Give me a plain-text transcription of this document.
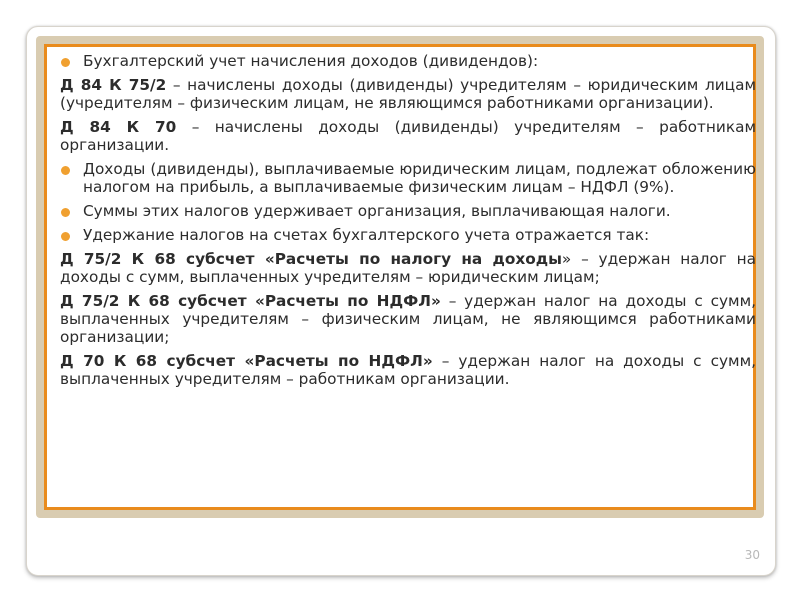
Бухгалтерский учет начисления доходов (дивидендов):
Д 84 К 75/2 – начислены доходы (дивиденды) учредителям – юридическим лицам (учредителям – физическим лицам, не являющимся работниками организации).
Д 84 К 70 – начислены доходы (дивиденды) учредителям – работникам организации.
Доходы (дивиденды), выплачиваемые юридическим лицам, подлежат обложению налогом на прибыль, а выплачиваемые физическим лицам – НДФЛ (9%).
Суммы этих налогов удерживает организация, выплачивающая налоги.
Удержание налогов на счетах бухгалтерского учета отражается так:
Д 75/2 К 68 субсчет «Расчеты по налогу на доходы» – удержан налог на доходы с сумм, выплаченных учредителям – юридическим лицам;
Д 75/2 К 68 субсчет «Расчеты по НДФЛ» – удержан налог на доходы с сумм, выплаченных учредителям – физическим лицам, не являющимся работниками организации;
Д 70 К 68 субсчет «Расчеты по НДФЛ» – удержан налог на доходы с сумм, выплаченных учредителям – работникам организации.
30
